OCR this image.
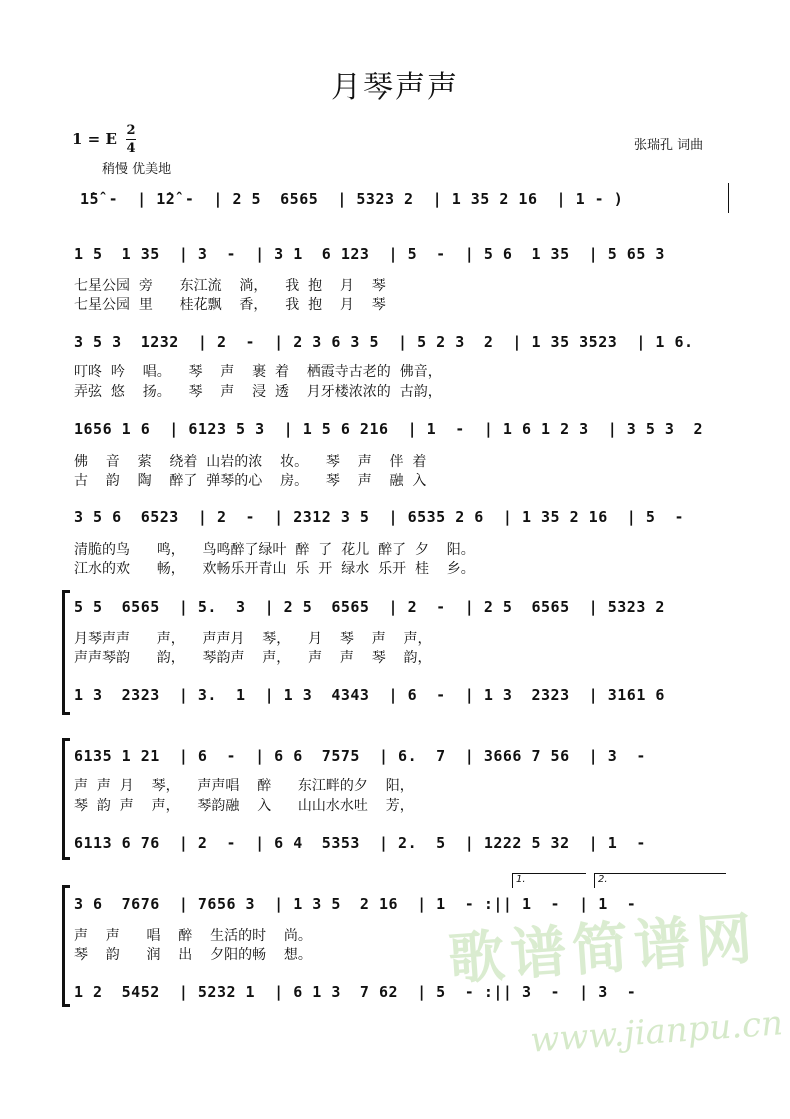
月琴声声
1 = E 2
4
稍慢 优美地
张瑞孔 词曲
1̇5̂ -  | 1̇2̂ -  | 2 5  6565  | 5323 2  | 1 35 2 16  | 1 - )
1 5  1 35  | 3  -  | 3 1  6 123  | 5  -  | 5 6  1 35  | 5 65 3
七星公园  旁      东江流    淌，    我  抱    月    琴
七星公园  里      桂花飘    香，    我  抱    月    琴
3 5 3  1232  | 2  -  | 2 3 6 3 5  | 5 2 3  2  | 1 35 3523  | 1 6.
叮咚  吟    唱。    琴    声    裹  着    栖霞寺古老的  佛音，
弄弦  悠    扬。    琴    声    浸  透    月牙楼浓浓的  古韵，
1656 1 6  | 6123 5 3  | 1 5 6 216  | 1  -  | 1 6 1 2 3  | 3 5 3  2
佛    音    萦    绕着  山岩的浓    妆。    琴    声    伴  着
古    韵    陶    醉了  弹琴的心    房。    琴    声    融  入
3 5 6  6523  | 2  -  | 2312 3 5  | 6535 2 6  | 1 35 2 16  | 5  -
清脆的鸟      鸣，    鸟鸣醉了绿叶  醉  了  花儿  醉了  夕    阳。
江水的欢      畅，    欢畅乐开青山  乐  开  绿水  乐开  桂    乡。
5 5  6565  | 5.  3  | 2 5  6565  | 2  -  | 2 5  6565  | 5323 2
月琴声声      声，    声声月    琴，    月    琴    声    声，
声声琴韵      韵，    琴韵声    声，    声    声    琴    韵，
1 3  2323  | 3.  1  | 1 3  4343  | 6  -  | 1 3  2323  | 3161 6
6135 1 21  | 6  -  | 6 6  7575  | 6.  7  | 3666 7 56  | 3  -
声  声  月    琴，    声声唱    醉      东江畔的夕    阳，
琴  韵  声    声，    琴韵融    入      山山水水吐    芳，
6113 6 76  | 2  -  | 6 4  5353  | 2.  5  | 1222 5 32  | 1  -
1.	2.
3 6  7676  | 7656 3  | 1 3 5  2 16  | 1  - :|| 1  -  | 1  -
声    声      唱    醉    生活的时    尚。
琴    韵      润    出    夕阳的畅    想。
1 2  5452  | 5232 1  | 6 1 3  7 62  | 5  - :|| 3  -  | 3  -
歌谱简谱网
www.jianpu.cn
